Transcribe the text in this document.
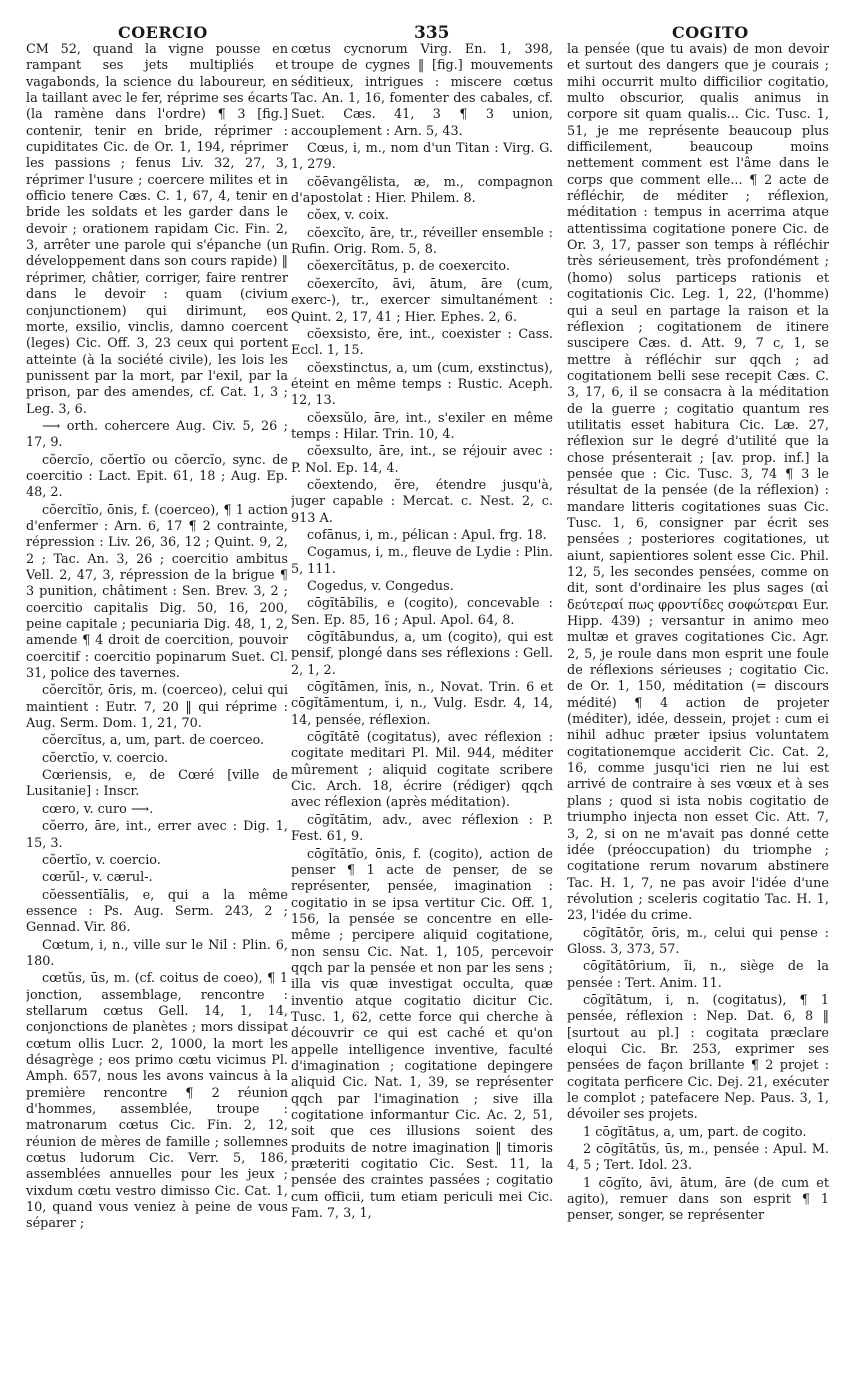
COERCIO	335	COGITO

CM 52, quand la vigne pousse en rampant ses jets multipliés et vagabonds, la science du laboureur, en la taillant avec le fer, réprime ses écarts (la ramène dans l'ordre) ¶ 3 [fig.] contenir, tenir en bride, réprimer : cupiditates Cic. de Or. 1, 194, réprimer les passions ; fenus Liv. 32, 27, 3, réprimer l'usure ; coercere milites et in officio tenere Cæs. C. 1, 67, 4, tenir en bride les soldats et les garder dans le devoir ; orationem rapidam Cic. Fin. 2, 3, arrêter une parole qui s'épanche (un développement dans son cours rapide) ‖ réprimer, châtier, corriger, faire rentrer dans le devoir : quam (civium conjunctionem) qui dirimunt, eos morte, exsilio, vinclis, damno coercent (leges) Cic. Off. 3, 23 ceux qui portent atteinte (à la société civile), les lois les punissent par la mort, par l'exil, par la prison, par des amendes, cf. Cat. 1, 3 ; Leg. 3, 6.

⟶ orth. cohercere Aug. Civ. 5, 26 ; 17, 9.

cŏercĭo, cŏertĭo ou cŏercĭo, sync. de coercitio : Lact. Epit. 61, 18 ; Aug. Ep. 48, 2.

cŏercĭtĭo, ōnis, f. (coerceo), ¶ 1 action d'enfermer : Arn. 6, 17 ¶ 2 contrainte, répression : Liv. 26, 36, 12 ; Quint. 9, 2, 2 ; Tac. An. 3, 26 ; coercitio ambitus Vell. 2, 47, 3, répression de la brigue ¶ 3 punition, châtiment : Sen. Brev. 3, 2 ; coercitio capitalis Dig. 50, 16, 200, peine capitale ; pecuniaria Dig. 48, 1, 2, amende ¶ 4 droit de coercition, pouvoir coercitif : coercitio popinarum Suet. Cl. 31, police des tavernes.

cŏercĭtŏr, ōris, m. (coerceo), celui qui maintient : Eutr. 7, 20 ‖ qui réprime : Aug. Serm. Dom. 1, 21, 70.

cŏercĭtus, a, um, part. de coerceo.

cŏerctĭo, v. coercio.

Cœriensis, e, de Cœré [ville de Lusitanie] : Inscr.

cœro, v. curo ⟶.

cŏerro, āre, int., errer avec : Dig. 1, 15, 3.

cŏertĭo, v. coercio.

cœrŭl-, v. cærul-.

cŏessentĭālis, e, qui a la même essence : Ps. Aug. Serm. 243, 2 ; Gennad. Vir. 86.

Cœtum, i, n., ville sur le Nil : Plin. 6, 180.

cœtŭs, ūs, m. (cf. coitus de coeo), ¶ 1 jonction, assemblage, rencontre : stellarum cœtus Gell. 14, 1, 14, conjonctions de planètes ; mors dissipat cœtum ollis Lucr. 2, 1000, la mort les désagrège ; eos primo cœtu vicimus Pl. Amph. 657, nous les avons vaincus à la première rencontre ¶ 2 réunion d'hommes, assemblée, troupe : matronarum cœtus Cic. Fin. 2, 12, réunion de mères de famille ; sollemnes cœtus ludorum Cic. Verr. 5, 186, assemblées annuelles pour les jeux ; vixdum cœtu vestro dimisso Cic. Cat. 1, 10, quand vous veniez à peine de vous séparer ;

cœtus cycnorum Virg. En. 1, 398, troupe de cygnes ‖ [fig.] mouvements séditieux, intrigues : miscere cœtus Tac. An. 1, 16, fomenter des cabales, cf. Suet. Cæs. 41, 3 ¶ 3 union, accouplement : Arn. 5, 43.

Cœus, i, m., nom d'un Titan : Virg. G. 1, 279.

cŏēvangĕlista, æ, m., compagnon d'apostolat : Hier. Philem. 8.

cŏex, v. coix.

cŏexcĭto, āre, tr., réveiller ensemble : Rufin. Orig. Rom. 5, 8.

cŏexercĭtātus, p. de coexercito.

cŏexercĭto, āvi, ātum, āre (cum, exerc-), tr., exercer simultanément : Quint. 2, 17, 41 ; Hier. Ephes. 2, 6.

cŏexsisto, ĕre, int., coexister : Cass. Eccl. 1, 15.

cŏexstinctus, a, um (cum, exstinctus), éteint en même temps : Rustic. Aceph. 12, 13.

cŏexsŭlo, āre, int., s'exiler en même temps : Hilar. Trin. 10, 4.

cŏexsulto, āre, int., se réjouir avec : P. Nol. Ep. 14, 4.

cŏextendo, ĕre, étendre jusqu'à, juger capable : Mercat. c. Nest. 2, c. 913 A.

cofānus, i, m., pélican : Apul. frg. 18.

Cogamus, i, m., fleuve de Lydie : Plin. 5, 111.

Cogedus, v. Congedus.

cōgĭtābĭlis, e (cogito), concevable : Sen. Ep. 85, 16 ; Apul. Apol. 64, 8.

cōgĭtābundus, a, um (cogito), qui est pensif, plongé dans ses réflexions : Gell. 2, 1, 2.

cōgĭtāmen, ĭnis, n., Novat. Trin. 6 et cōgĭtāmentum, i, n., Vulg. Esdr. 4, 14, 14, pensée, réflexion.

cōgĭtātē (cogitatus), avec réflexion : cogitate meditari Pl. Mil. 944, méditer mûrement ; aliquid cogitate scribere Cic. Arch. 18, écrire (rédiger) qqch avec réflexion (après méditation).

cōgĭtātim, adv., avec réflexion : P. Fest. 61, 9.

cōgĭtātĭo, ōnis, f. (cogito), action de penser ¶ 1 acte de penser, de se représenter, pensée, imagination : cogitatio in se ipsa vertitur Cic. Off. 1, 156, la pensée se concentre en elle-même ; percipere aliquid cogitatione, non sensu Cic. Nat. 1, 105, percevoir qqch par la pensée et non par les sens ; illa vis quæ investigat occulta, quæ inventio atque cogitatio dicitur Cic. Tusc. 1, 62, cette force qui cherche à découvrir ce qui est caché et qu'on appelle intelligence inventive, faculté d'imagination ; cogitatione depingere aliquid Cic. Nat. 1, 39, se représenter qqch par l'imagination ; sive illa cogitatione informantur Cic. Ac. 2, 51, soit que ces illusions soient des produits de notre imagination ‖ timoris præteriti cogitatio Cic. Sest. 11, la pensée des craintes passées ; cogitatio cum officii, tum etiam periculi mei Cic. Fam. 7, 3, 1,

la pensée (que tu avais) de mon devoir et surtout des dangers que je courais ; mihi occurrit multo difficilior cogitatio, multo obscurior, qualis animus in corpore sit quam qualis... Cic. Tusc. 1, 51, je me représente beaucoup plus difficilement, beaucoup moins nettement comment est l'âme dans le corps que comment elle... ¶ 2 acte de réfléchir, de méditer ; réflexion, méditation : tempus in acerrima atque attentissima cogitatione ponere Cic. de Or. 3, 17, passer son temps à réfléchir très sérieusement, très profondément ; (homo) solus particeps rationis et cogitationis Cic. Leg. 1, 22, (l'homme) qui a seul en partage la raison et la réflexion ; cogitationem de itinere suscipere Cæs. d. Att. 9, 7 c, 1, se mettre à réfléchir sur qqch ; ad cogitationem belli sese recepit Cæs. C. 3, 17, 6, il se consacra à la méditation de la guerre ; cogitatio quantum res utilitatis esset habitura Cic. Læ. 27, réflexion sur le degré d'utilité que la chose présenterait ; [av. prop. inf.] la pensée que : Cic. Tusc. 3, 74 ¶ 3 le résultat de la pensée (de la réflexion) : mandare litteris cogitationes suas Cic. Tusc. 1, 6, consigner par écrit ses pensées ; posteriores cogitationes, ut aiunt, sapientiores solent esse Cic. Phil. 12, 5, les secondes pensées, comme on dit, sont d'ordinaire les plus sages (αἱ δεύτεραί πως φροντίδες σοφώτεραι Eur. Hipp. 439) ; versantur in animo meo multæ et graves cogitationes Cic. Agr. 2, 5, je roule dans mon esprit une foule de réflexions sérieuses ; cogitatio Cic. de Or. 1, 150, méditation (= discours médité) ¶ 4 action de projeter (méditer), idée, dessein, projet : cum ei nihil adhuc præter ipsius voluntatem cogitationemque acciderit Cic. Cat. 2, 16, comme jusqu'ici rien ne lui est arrivé de contraire à ses vœux et à ses plans ; quod si ista nobis cogitatio de triumpho injecta non esset Cic. Att. 7, 3, 2, si on ne m'avait pas donné cette idée (préoccupation) du triomphe ; cogitatione rerum novarum abstinere Tac. H. 1, 7, ne pas avoir l'idée d'une révolution ; sceleris cogitatio Tac. H. 1, 23, l'idée du crime.

cōgĭtātŏr, ōris, m., celui qui pense : Gloss. 3, 373, 57.

cōgĭtātōrium, ĭi, n., siège de la pensée : Tert. Anim. 11.

cōgĭtātum, i, n. (cogitatus), ¶ 1 pensée, réflexion : Nep. Dat. 6, 8 ‖ [surtout au pl.] : cogitata præclare eloqui Cic. Br. 253, exprimer ses pensées de façon brillante ¶ 2 projet : cogitata perficere Cic. Dej. 21, exécuter le complot ; patefacere Nep. Paus. 3, 1, dévoiler ses projets.

1 cōgĭtātus, a, um, part. de cogito.

2 cōgĭtātŭs, ūs, m., pensée : Apul. M. 4, 5 ; Tert. Idol. 23.

1 cōgĭto, āvi, ātum, āre (de cum et agito), remuer dans son esprit ¶ 1 penser, songer, se représenter
